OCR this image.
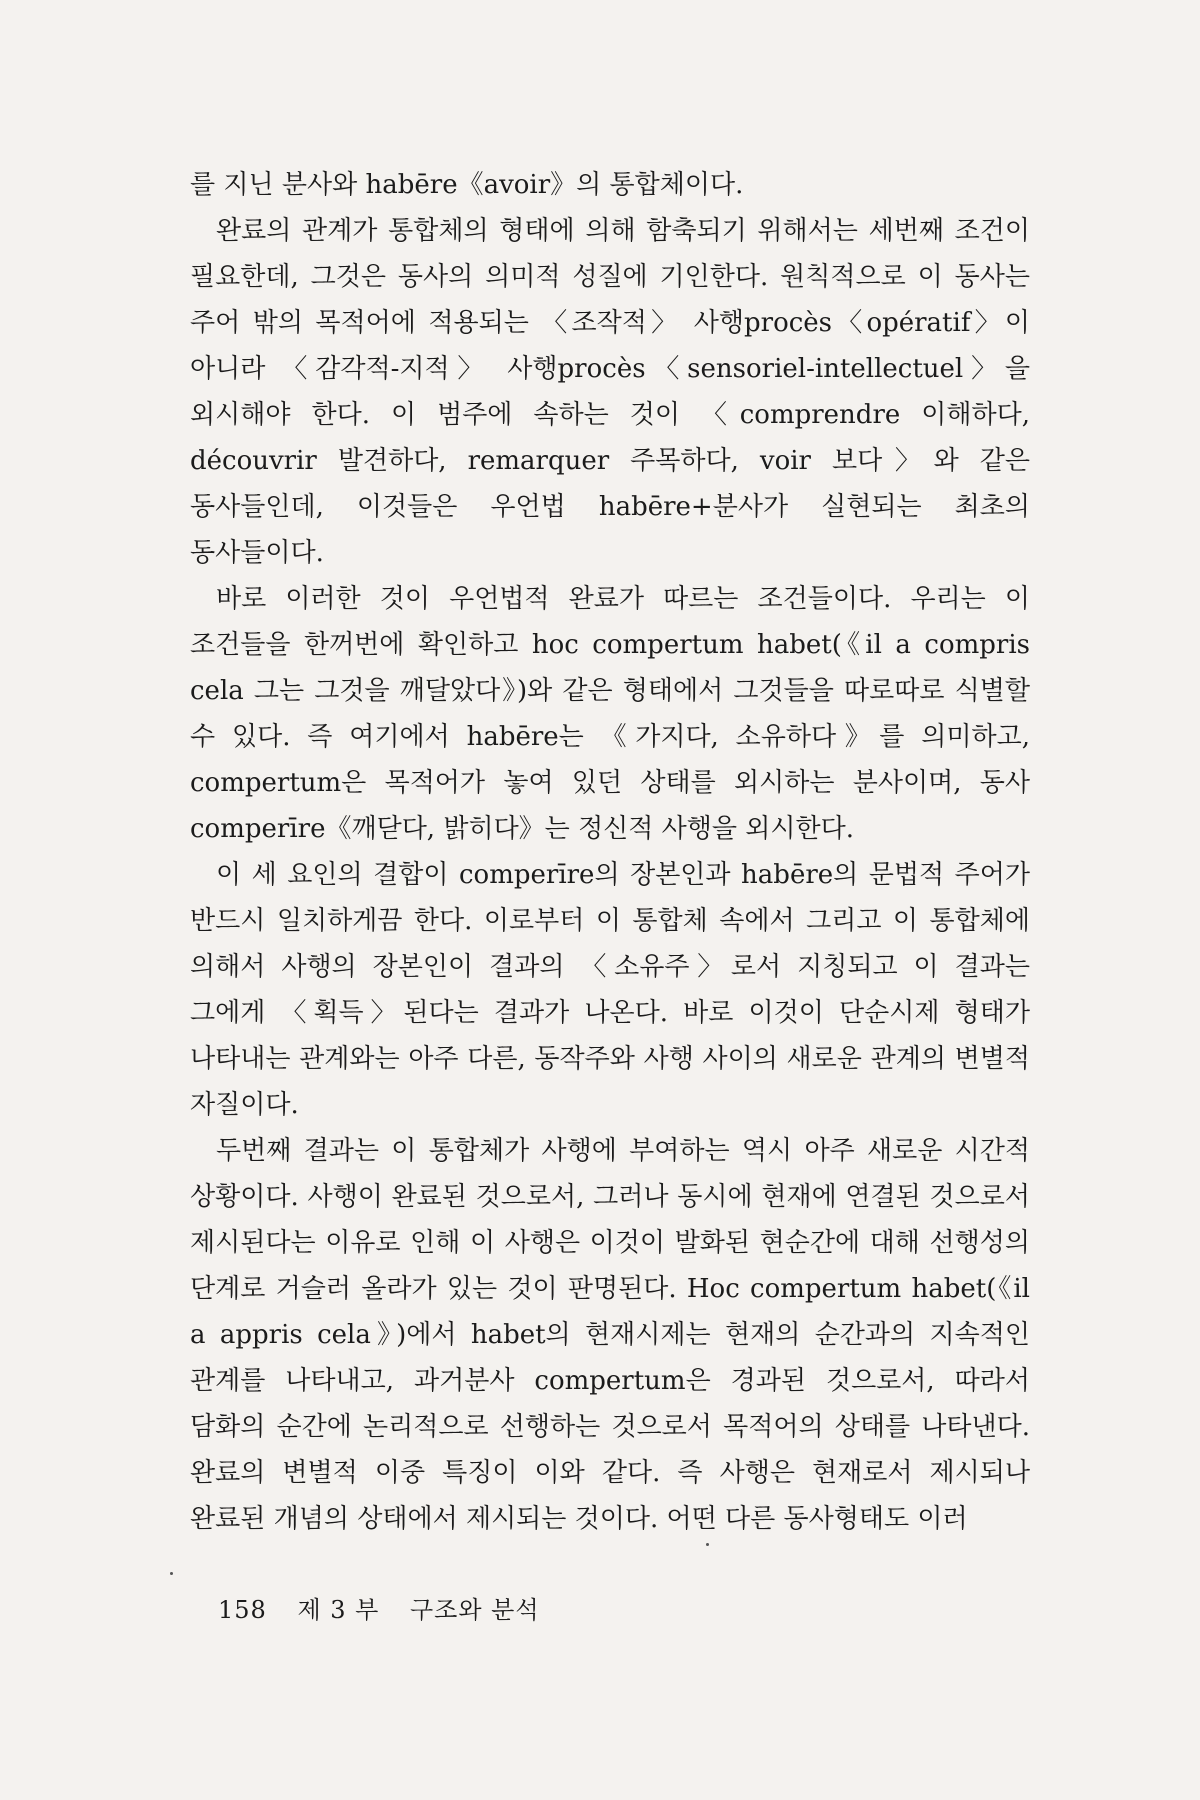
를 지닌 분사와 habēre《avoir》의 통합체이다.

완료의 관계가 통합체의 형태에 의해 함축되기 위해서는 세번째 조건이 필요한데, 그것은 동사의 의미적 성질에 기인한다. 원칙적으로 이 동사는 주어 밖의 목적어에 적용되는 〈조작적〉 사행procès〈opératif〉이 아니라 〈감각적-지적〉 사행procès〈sensoriel-intellectuel〉을 외시해야 한다. 이 범주에 속하는 것이 〈comprendre 이해하다, découvrir 발견하다, remarquer 주목하다, voir 보다〉와 같은 동사들인데, 이것들은 우언법 habēre+분사가 실현되는 최초의 동사들이다.

바로 이러한 것이 우언법적 완료가 따르는 조건들이다. 우리는 이 조건들을 한꺼번에 확인하고 hoc compertum habet(《il a compris cela 그는 그것을 깨달았다》)와 같은 형태에서 그것들을 따로따로 식별할 수 있다. 즉 여기에서 habēre는 《가지다, 소유하다》를 의미하고, compertum은 목적어가 놓여 있던 상태를 외시하는 분사이며, 동사 comperīre《깨닫다, 밝히다》는 정신적 사행을 외시한다.

이 세 요인의 결합이 comperīre의 장본인과 habēre의 문법적 주어가 반드시 일치하게끔 한다. 이로부터 이 통합체 속에서 그리고 이 통합체에 의해서 사행의 장본인이 결과의 〈소유주〉로서 지칭되고 이 결과는 그에게 〈획득〉된다는 결과가 나온다. 바로 이것이 단순시제 형태가 나타내는 관계와는 아주 다른, 동작주와 사행 사이의 새로운 관계의 변별적 자질이다.

두번째 결과는 이 통합체가 사행에 부여하는 역시 아주 새로운 시간적 상황이다. 사행이 완료된 것으로서, 그러나 동시에 현재에 연결된 것으로서 제시된다는 이유로 인해 이 사행은 이것이 발화된 현순간에 대해 선행성의 단계로 거슬러 올라가 있는 것이 판명된다. Hoc compertum habet(《il a appris cela》)에서 habet의 현재시제는 현재의 순간과의 지속적인 관계를 나타내고, 과거분사 compertum은 경과된 것으로서, 따라서 담화의 순간에 논리적으로 선행하는 것으로서 목적어의 상태를 나타낸다. 완료의 변별적 이중 특징이 이와 같다. 즉 사행은 현재로서 제시되나 완료된 개념의 상태에서 제시되는 것이다. 어떤 다른 동사형태도 이러

158 제 3 부 구조와 분석
